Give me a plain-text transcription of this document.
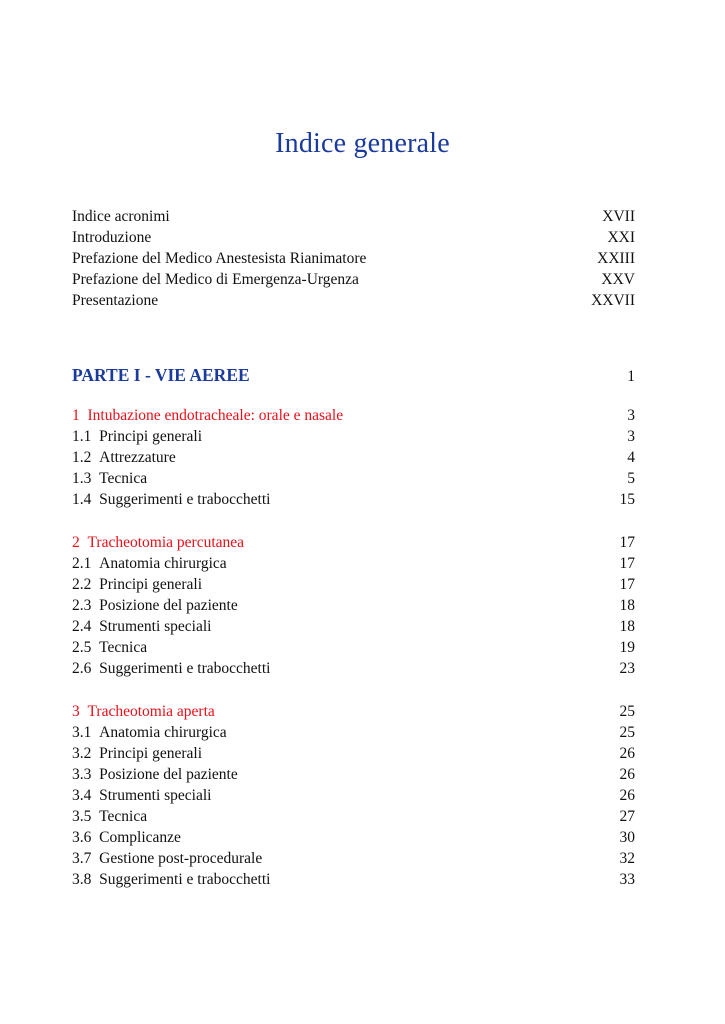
Indice generale
Indice acronimi	XVII
Introduzione	XXI
Prefazione del Medico Anestesista Rianimatore	XXIII
Prefazione del Medico di Emergenza-Urgenza	XXV
Presentazione	XXVII
PARTE I - VIE AEREE	1
1 Intubazione endotracheale: orale e nasale	3
1.1 Principi generali	3
1.2 Attrezzature	4
1.3 Tecnica	5
1.4 Suggerimenti e trabocchetti	15
2 Tracheotomia percutanea	17
2.1 Anatomia chirurgica	17
2.2 Principi generali	17
2.3 Posizione del paziente	18
2.4 Strumenti speciali	18
2.5 Tecnica	19
2.6 Suggerimenti e trabocchetti	23
3 Tracheotomia aperta	25
3.1 Anatomia chirurgica	25
3.2 Principi generali	26
3.3 Posizione del paziente	26
3.4 Strumenti speciali	26
3.5 Tecnica	27
3.6 Complicanze	30
3.7 Gestione post-procedurale	32
3.8 Suggerimenti e trabocchetti	33
